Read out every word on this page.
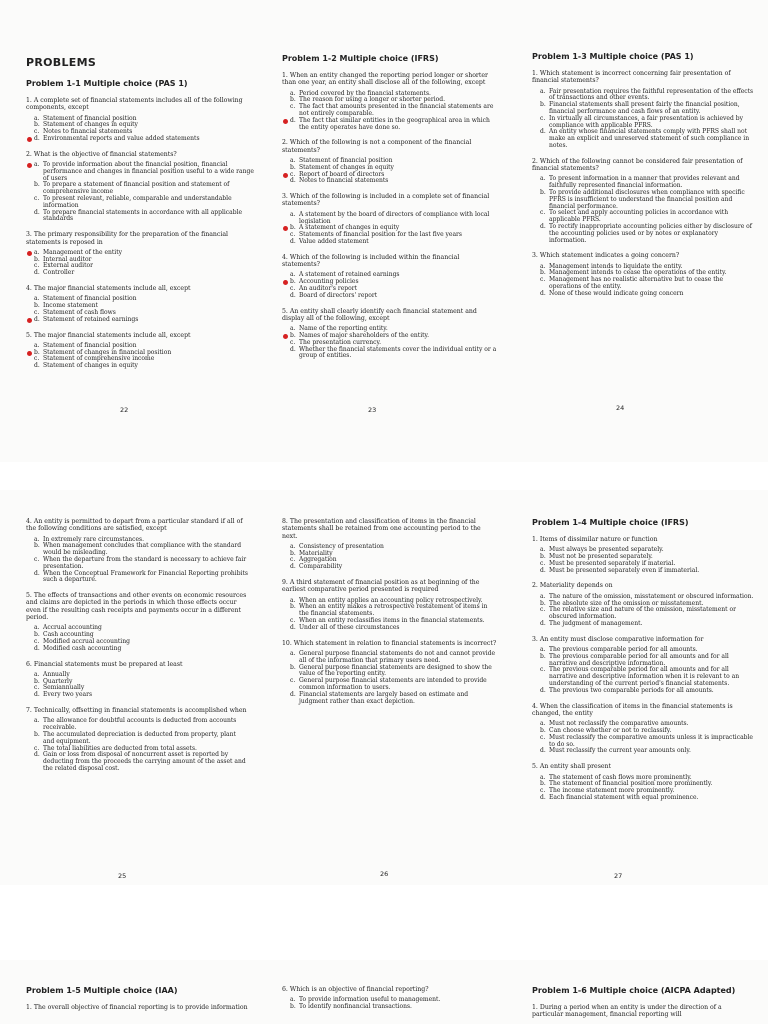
PROBLEMS
Problem 1-1 Multiple choice (PAS 1)
1. A complete set of financial statements includes all of the following components, except
a. Statement of financial position
b. Statement of changes in equity
c. Notes to financial statements
d. Environmental reports and value added statements
2. What is the objective of financial statements?
a. To provide information about the financial position, financial performance and changes in financial position useful to a wide range of users
b. To prepare a statement of financial position and statement of comprehensive income
c. To present relevant, reliable, comparable and understandable information
d. To prepare financial statements in accordance with all applicable standards
3. The primary responsibility for the preparation of the financial statements is reposed in
a. Management of the entity
b. Internal auditor
c. External auditor
d. Controller
4. The major financial statements include all, except
a. Statement of financial position
b. Income statement
c. Statement of cash flows
d. Statement of retained earnings
5. The major financial statements include all, except
a. Statement of financial position
b. Statement of changes in financial position
c. Statement of comprehensive income
d. Statement of changes in equity
Problem 1-2 Multiple choice (IFRS)
1. When an entity changed the reporting period longer or shorter than one year, an entity shall disclose all of the following, except
a. Period covered by the financial statements.
b. The reason for using a longer or shorter period.
c. The fact that amounts presented in the financial statements are not entirely comparable.
d. The fact that similar entities in the geographical area in which the entity operates have done so.
2. Which of the following is not a component of the financial statements?
a. Statement of financial position
b. Statement of changes in equity
c. Report of board of directors
d. Notes to financial statements
3. Which of the following is included in a complete set of financial statements?
a. A statement by the board of directors of compliance with local legislation
b. A statement of changes in equity
c. Statements of financial position for the last five years
d. Value added statement
4. Which of the following is included within the financial statements?
a. A statement of retained earnings
b. Accounting policies
c. An auditor's report
d. Board of directors' report
5. An entity shall clearly identify each financial statement and display all of the following, except
a. Name of the reporting entity.
b. Names of major shareholders of the entity.
c. The presentation currency.
d. Whether the financial statements cover the individual entity or a group of entities.
Problem 1-3 Multiple choice (PAS 1)
1. Which statement is incorrect concerning fair presentation of financial statements?
a. Fair presentation requires the faithful representation of the effects of transactions and other events.
b. Financial statements shall present fairly the financial position, financial performance and cash flows of an entity.
c. In virtually all circumstances, a fair presentation is achieved by compliance with applicable PFRS.
d. An entity whose financial statements comply with PFRS shall not make an explicit and unreserved statement of such compliance in notes.
2. Which of the following cannot be considered fair presentation of financial statements?
a. To present information in a manner that provides relevant and faithfully represented financial information.
b. To provide additional disclosures when compliance with specific PFRS is insufficient to understand the financial position and financial performance.
c. To select and apply accounting policies in accordance with applicable PFRS.
d. To rectify inappropriate accounting policies either by disclosure of the accounting policies used or by notes or explanatory information.
3. Which statement indicates a going concern?
a. Management intends to liquidate the entity.
b. Management intends to cease the operations of the entity.
c. Management has no realistic alternative but to cease the operations of the entity.
d. None of these would indicate going concern
4. An entity is permitted to depart from a particular standard if all of the following conditions are satisfied, except
a. In extremely rare circumstances.
b. When management concludes that compliance with the standard would be misleading.
c. When the departure from the standard is necessary to achieve fair presentation.
d. When the Conceptual Framework for Financial Reporting prohibits such a departure.
5. The effects of transactions and other events on economic resources and claims are depicted in the periods in which those effects occur even if the resulting cash receipts and payments occur in a different period.
a. Accrual accounting
b. Cash accounting
c. Modified accrual accounting
d. Modified cash accounting
6. Financial statements must be prepared at least
a. Annually
b. Quarterly
c. Semiannually
d. Every two years
7. Technically, offsetting in financial statements is accomplished when
a. The allowance for doubtful accounts is deducted from accounts receivable.
b. The accumulated depreciation is deducted from property, plant and equipment.
c. The total liabilities are deducted from total assets.
d. Gain or loss from disposal of noncurrent asset is reported by deducting from the proceeds the carrying amount of the asset and the related disposal cost.
8. The presentation and classification of items in the financial statements shall be retained from one accounting period to the next.
a. Consistency of presentation
b. Materiality
c. Aggregation
d. Comparability
9. A third statement of financial position as at beginning of the earliest comparative period presented is required
a. When an entity applies an accounting policy retrospectively.
b. When an entity makes a retrospective restatement of items in the financial statements.
c. When an entity reclassifies items in the financial statements.
d. Under all of these circumstances
10. Which statement in relation to financial statements is incorrect?
a. General purpose financial statements do not and cannot provide all of the information that primary users need.
b. General purpose financial statements are designed to show the value of the reporting entity.
c. General purpose financial statements are intended to provide common information to users.
d. Financial statements are largely based on estimate and judgment rather than exact depiction.
Problem 1-4 Multiple choice (IFRS)
1. Items of dissimilar nature or function
a. Must always be presented separately.
b. Must not be presented separately.
c. Must be presented separately if material.
d. Must be presented separately even if immaterial.
2. Materiality depends on
a. The nature of the omission, misstatement or obscured information.
b. The absolute size of the omission or misstatement.
c. The relative size and nature of the omission, misstatement or obscured information.
d. The judgment of management.
3. An entity must disclose comparative information for
a. The previous comparable period for all amounts.
b. The previous comparable period for all amounts and for all narrative and descriptive information.
c. The previous comparable period for all amounts and for all narrative and descriptive information when it is relevant to an understanding of the current period's financial statements.
d. The previous two comparable periods for all amounts.
4. When the classification of items in the financial statements is changed, the entity
a. Must not reclassify the comparative amounts.
b. Can choose whether or not to reclassify.
c. Must reclassify the comparative amounts unless it is impracticable to do so.
d. Must reclassify the current year amounts only.
5. An entity shall present
a. The statement of cash flows more prominently.
b. The statement of financial position more prominently.
c. The income statement more prominently.
d. Each financial statement with equal prominence.
Problem 1-5 Multiple choice (IAA)
1. The overall objective of financial reporting is to provide information
6. Which is an objective of financial reporting?
a. To provide information useful to management.
b. To identify nonfinancial transactions.
Problem 1-6 Multiple choice (AICPA Adapted)
1. During a period when an entity is under the direction of a particular management, financial reporting will
22	23	24
25	26	27
